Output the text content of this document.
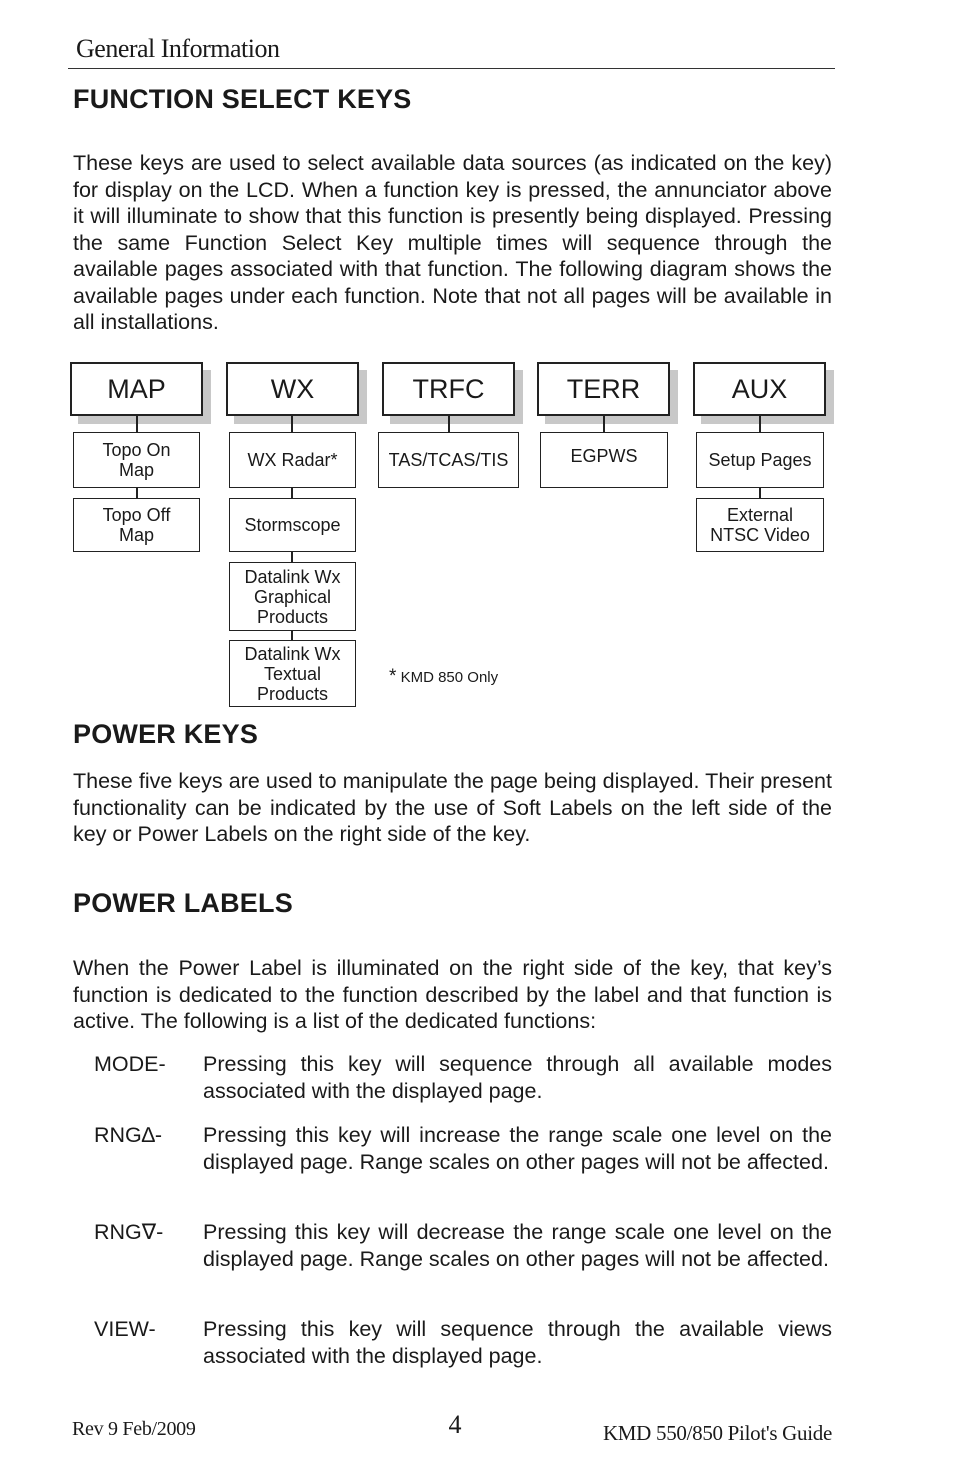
General Information
FUNCTION SELECT KEYS
These keys are used to select available data sources (as indicated on the key) for display on the LCD. When a function key is pressed, the annunciator above it will illuminate to show that this function is presently being displayed. Pressing the same Function Select Key multiple times will sequence through the available pages associated with that function. The following diagram shows the available pages under each function. Note that not all pages will be available in all installations.
MAP
Topo On
Map
Topo Off
Map
WX
WX Radar*
Stormscope
Datalink Wx
Graphical
Products
Datalink Wx
Textual
Products
TRFC
TAS/TCAS/TIS
TERR
EGPWS
AUX
Setup Pages
External
NTSC Video
* KMD 850 Only
POWER KEYS
These five keys are used to manipulate the page being displayed. Their present functionality can be indicated by the use of Soft Labels on the left side of the key or Power Labels on the right side of the key.
POWER LABELS
When the Power Label is illuminated on the right side of the key, that key’s function is dedicated to the function described by the label and that function is active. The following is a list of the dedicated functions:
MODE-	Pressing this key will sequence through all available modes associated with the displayed page.
RNG∆-	Pressing this key will increase the range scale one level on the displayed page. Range scales on other pages will not be affected.
RNG∇-	Pressing this key will decrease the range scale one level on the displayed page. Range scales on other pages will not be affected.
VIEW-	Pressing this key will sequence through the available views associated with the displayed page.
Rev 9 Feb/2009	4	KMD 550/850 Pilot's Guide
